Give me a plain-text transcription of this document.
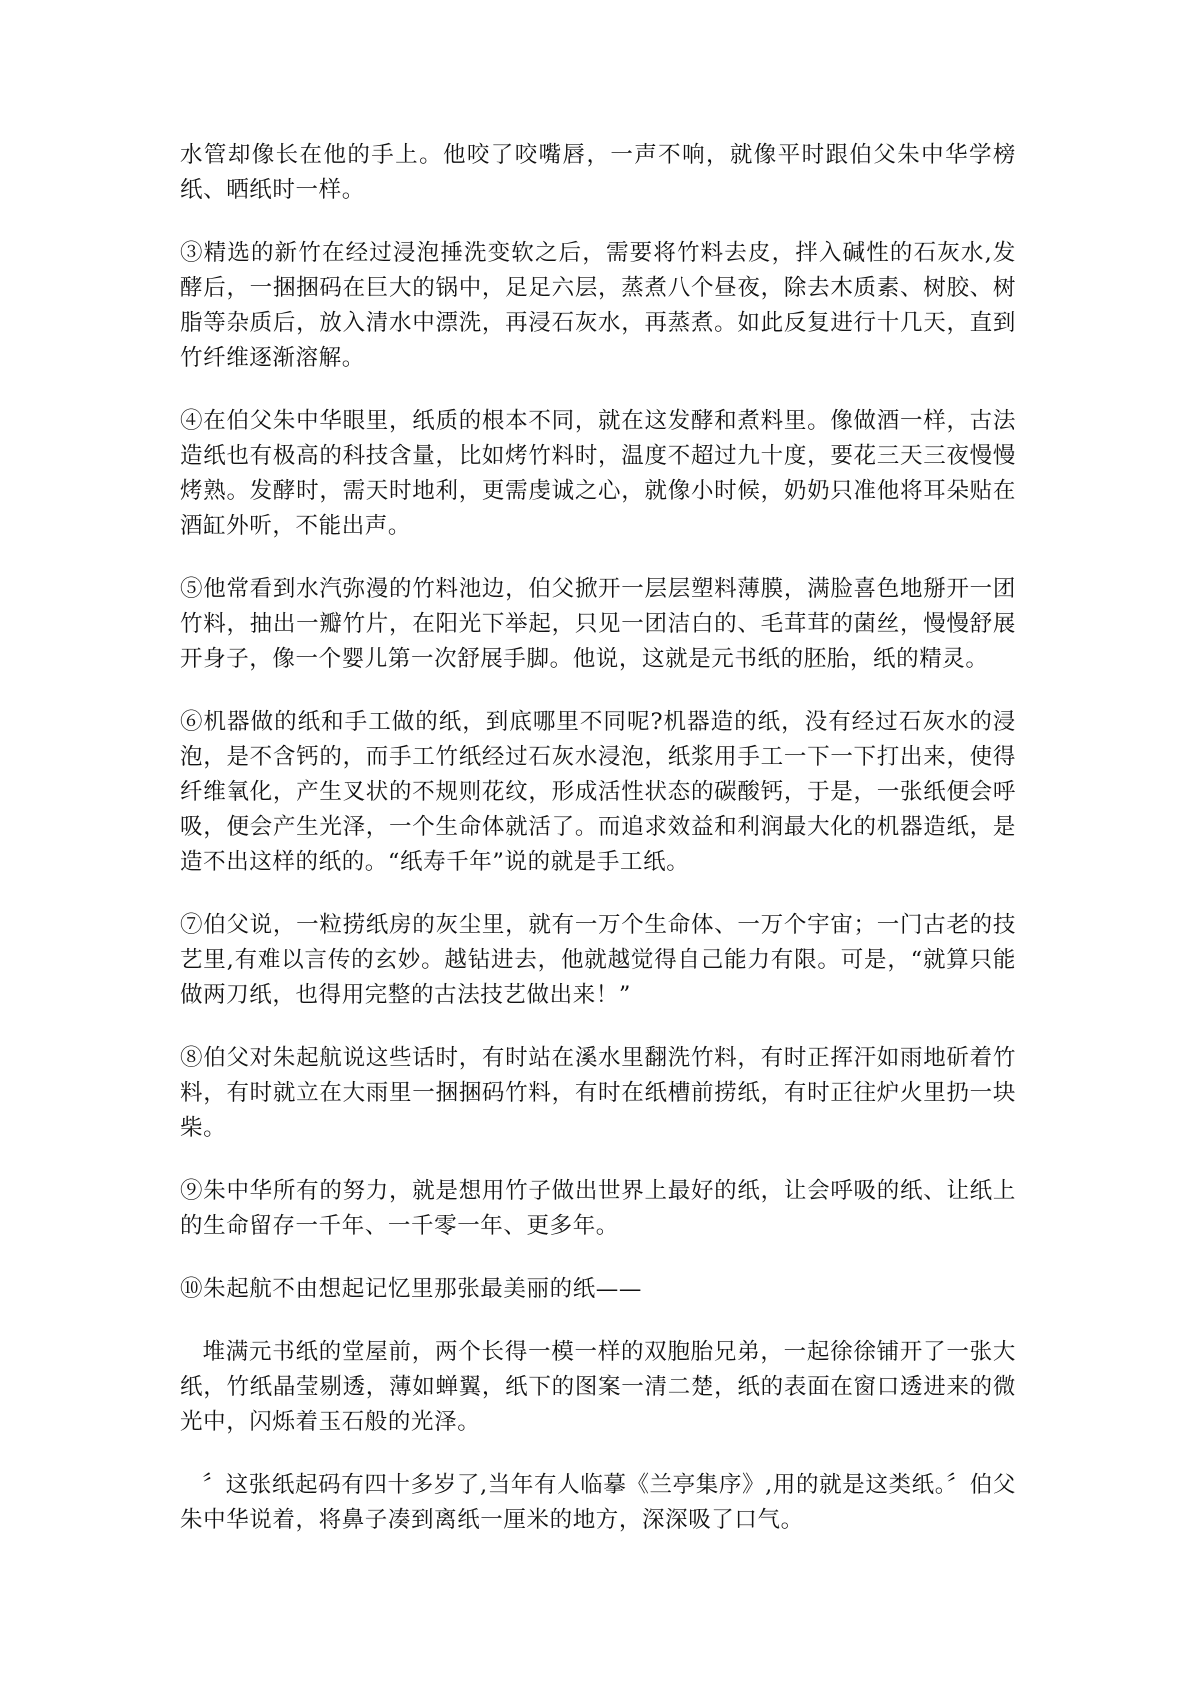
水管却像长在他的手上。他咬了咬嘴唇，一声不响，就像平时跟伯父朱中华学榜纸、晒纸时一样。

③精选的新竹在经过浸泡捶洗变软之后，需要将竹料去皮，拌入碱性的石灰水,发酵后，一捆捆码在巨大的锅中，足足六层，蒸煮八个昼夜，除去木质素、树胶、树脂等杂质后，放入清水中漂洗，再浸石灰水，再蒸煮。如此反复进行十几天，直到竹纤维逐渐溶解。

④在伯父朱中华眼里，纸质的根本不同，就在这发酵和煮料里。像做酒一样，古法造纸也有极高的科技含量，比如烤竹料时，温度不超过九十度，要花三天三夜慢慢烤熟。发酵时，需天时地利，更需虔诚之心，就像小时候，奶奶只准他将耳朵贴在酒缸外听，不能出声。

⑤他常看到水汽弥漫的竹料池边，伯父掀开一层层塑料薄膜，满脸喜色地掰开一团竹料，抽出一瓣竹片，在阳光下举起，只见一团洁白的、毛茸茸的菌丝，慢慢舒展开身子，像一个婴儿第一次舒展手脚。他说，这就是元书纸的胚胎，纸的精灵。

⑥机器做的纸和手工做的纸，到底哪里不同呢?机器造的纸，没有经过石灰水的浸泡，是不含钙的，而手工竹纸经过石灰水浸泡，纸浆用手工一下一下打出来，使得纤维氧化，产生叉状的不规则花纹，形成活性状态的碳酸钙，于是，一张纸便会呼吸，便会产生光泽，一个生命体就活了。而追求效益和利润最大化的机器造纸，是造不出这样的纸的。“纸寿千年”说的就是手工纸。

⑦伯父说，一粒捞纸房的灰尘里，就有一万个生命体、一万个宇宙；一门古老的技艺里,有难以言传的玄妙。越钻进去，他就越觉得自己能力有限。可是，“就算只能做两刀纸，也得用完整的古法技艺做出来！”

⑧伯父对朱起航说这些话时，有时站在溪水里翻洗竹料，有时正挥汗如雨地斫着竹料，有时就立在大雨里一捆捆码竹料，有时在纸槽前捞纸，有时正往炉火里扔一块柴。

⑨朱中华所有的努力，就是想用竹子做出世界上最好的纸，让会呼吸的纸、让纸上的生命留存一千年、一千零一年、更多年。

⑩朱起航不由想起记忆里那张最美丽的纸——

堆满元书纸的堂屋前，两个长得一模一样的双胞胎兄弟，一起徐徐铺开了一张大纸，竹纸晶莹剔透，薄如蝉翼，纸下的图案一清二楚，纸的表面在窗口透进来的微光中，闪烁着玉石般的光泽。

〞这张纸起码有四十多岁了,当年有人临摹《兰亭集序》,用的就是这类纸。〞伯父朱中华说着，将鼻子凑到离纸一厘米的地方，深深吸了口气。
